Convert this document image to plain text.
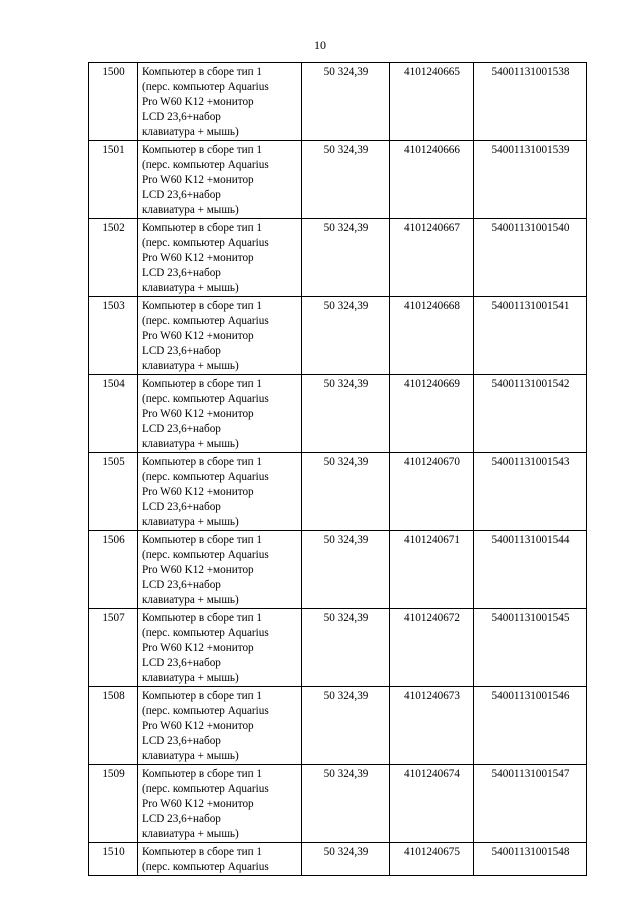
10
1500	Компьютер в сборе тип 1
(перс. компьютер Aquarius
Pro W60 K12 +монитор
LCD 23,6+набор
клавиатура + мышь)	50 324,39	4101240665	54001131001538
1501	Компьютер в сборе тип 1
(перс. компьютер Aquarius
Pro W60 K12 +монитор
LCD 23,6+набор
клавиатура + мышь)	50 324,39	4101240666	54001131001539
1502	Компьютер в сборе тип 1
(перс. компьютер Aquarius
Pro W60 K12 +монитор
LCD 23,6+набор
клавиатура + мышь)	50 324,39	4101240667	54001131001540
1503	Компьютер в сборе тип 1
(перс. компьютер Aquarius
Pro W60 K12 +монитор
LCD 23,6+набор
клавиатура + мышь)	50 324,39	4101240668	54001131001541
1504	Компьютер в сборе тип 1
(перс. компьютер Aquarius
Pro W60 K12 +монитор
LCD 23,6+набор
клавиатура + мышь)	50 324,39	4101240669	54001131001542
1505	Компьютер в сборе тип 1
(перс. компьютер Aquarius
Pro W60 K12 +монитор
LCD 23,6+набор
клавиатура + мышь)	50 324,39	4101240670	54001131001543
1506	Компьютер в сборе тип 1
(перс. компьютер Aquarius
Pro W60 K12 +монитор
LCD 23,6+набор
клавиатура + мышь)	50 324,39	4101240671	54001131001544
1507	Компьютер в сборе тип 1
(перс. компьютер Aquarius
Pro W60 K12 +монитор
LCD 23,6+набор
клавиатура + мышь)	50 324,39	4101240672	54001131001545
1508	Компьютер в сборе тип 1
(перс. компьютер Aquarius
Pro W60 K12 +монитор
LCD 23,6+набор
клавиатура + мышь)	50 324,39	4101240673	54001131001546
1509	Компьютер в сборе тип 1
(перс. компьютер Aquarius
Pro W60 K12 +монитор
LCD 23,6+набор
клавиатура + мышь)	50 324,39	4101240674	54001131001547
1510	Компьютер в сборе тип 1
(перс. компьютер Aquarius	50 324,39	4101240675	54001131001548
